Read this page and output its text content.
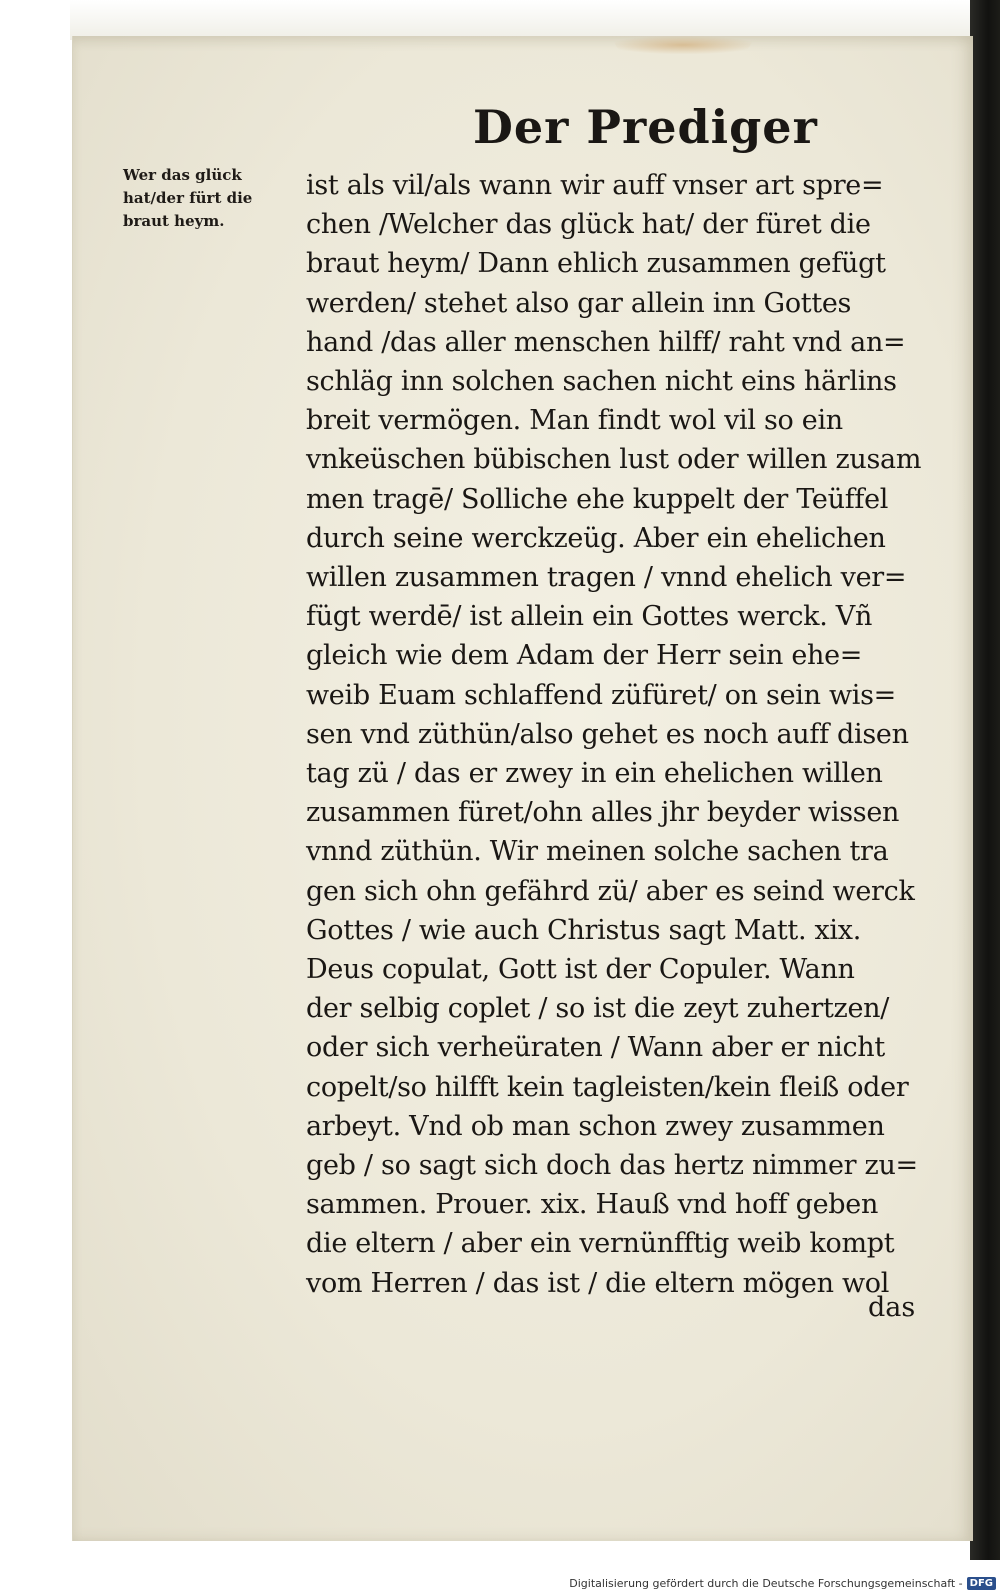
Der Prediger
Wer das glück
hat/der fürt die
braut heym.
ist als vil/als wann wir auff vnser art spre=
chen /Welcher das glück hat/ der füret die
braut heym/ Dann ehlich zusammen gefügt
werden/ stehet also gar allein inn Gottes
hand /das aller menschen hilff/ raht vnd an=
schläg inn solchen sachen nicht eins härlins
breit vermögen. Man findt wol vil so ein
vnkeüschen bübischen lust oder willen zusam
men tragē/ Solliche ehe kuppelt der Teüffel
durch seine werckzeüg. Aber ein ehelichen
willen zusammen tragen / vnnd ehelich ver=
fügt werdē/ ist allein ein Gottes werck. Vñ
gleich wie dem Adam der Herr sein ehe=
weib Euam schlaffend züfüret/ on sein wis=
sen vnd züthün/also gehet es noch auff disen
tag zü / das er zwey in ein ehelichen willen
zusammen füret/ohn alles jhr beyder wissen
vnnd züthün. Wir meinen solche sachen tra
gen sich ohn gefährd zü/ aber es seind werck
Gottes / wie auch Christus sagt Matt. xix.
Deus copulat, Gott ist der Copuler. Wann
der selbig coplet / so ist die zeyt zuhertzen/
oder sich verheüraten / Wann aber er nicht
copelt/so hilfft kein tagleisten/kein fleiß oder
arbeyt. Vnd ob man schon zwey zusammen
geb / so sagt sich doch das hertz nimmer zu=
sammen. Prouer. xix. Hauß vnd hoff geben
die eltern / aber ein vernünfftig weib kompt
vom Herren / das ist / die eltern mögen wol
das
Digitalisierung gefördert durch die Deutsche Forschungsgemeinschaft - DFG
